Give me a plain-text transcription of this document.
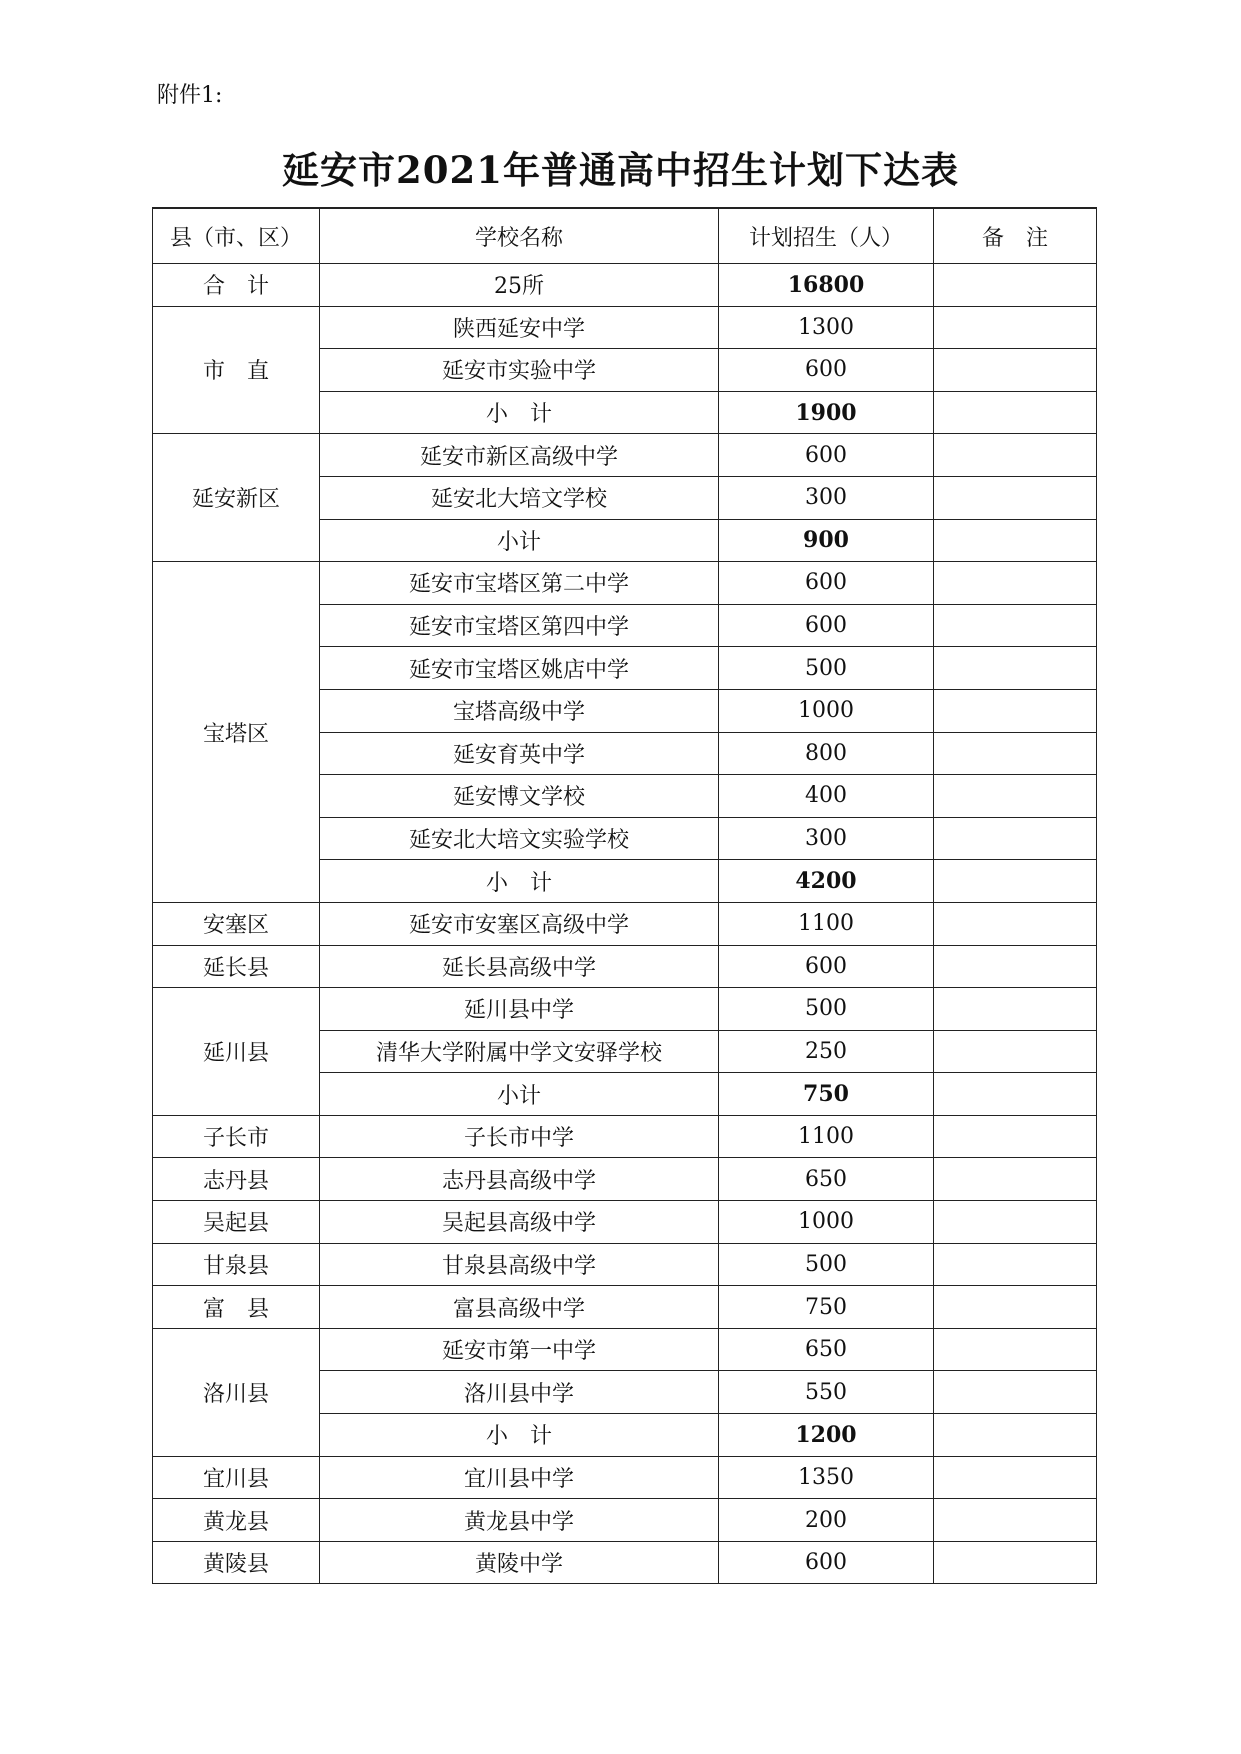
附件1:
延安市2021年普通高中招生计划下达表
县（市、区）	学校名称	计划招生（人）	备　注
合　计	25所	16800	
市　直	陕西延安中学	1300	
	延安市实验中学	600	
	小　计	1900	
延安新区	延安市新区高级中学	600	
	延安北大培文学校	300	
	小计	900	
宝塔区	延安市宝塔区第二中学	600	
	延安市宝塔区第四中学	600	
	延安市宝塔区姚店中学	500	
	宝塔高级中学	1000	
	延安育英中学	800	
	延安博文学校	400	
	延安北大培文实验学校	300	
	小　计	4200	
安塞区	延安市安塞区高级中学	1100	
延长县	延长县高级中学	600	
延川县	延川县中学	500	
	清华大学附属中学文安驿学校	250	
	小计	750	
子长市	子长市中学	1100	
志丹县	志丹县高级中学	650	
吴起县	吴起县高级中学	1000	
甘泉县	甘泉县高级中学	500	
富　县	富县高级中学	750	
洛川县	延安市第一中学	650	
	洛川县中学	550	
	小　计	1200	
宜川县	宜川县中学	1350	
黄龙县	黄龙县中学	200	
黄陵县	黄陵中学	600	
